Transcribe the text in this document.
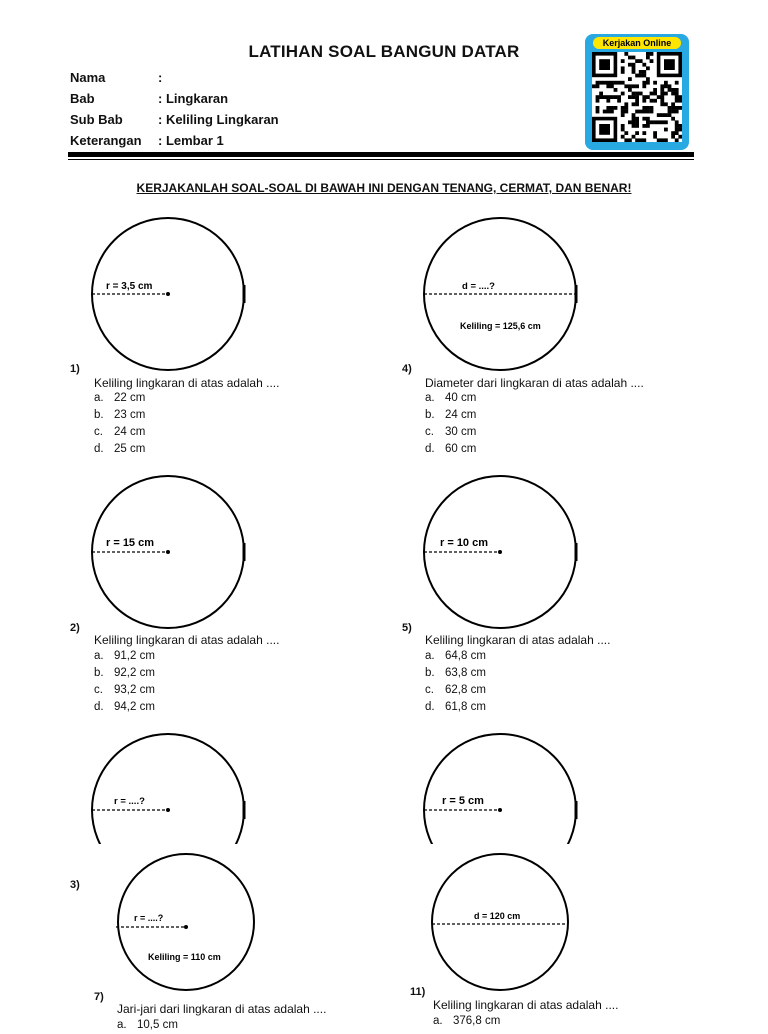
LATIHAN SOAL BANGUN DATAR
Nama	:
Bab	: Lingkaran
Sub Bab	: Keliling Lingkaran
Keterangan : Lembar 1
Kerjakan Online
KERJAKANLAH SOAL-SOAL DI BAWAH INI DENGAN TENANG, CERMAT, DAN BENAR!
r = 3,5 cm
1)
Keliling lingkaran di atas adalah ....
a. 22 cm
b. 23 cm
c. 24 cm
d. 25 cm
d = ....?
Keliling = 125,6 cm
4)
Diameter dari lingkaran di atas adalah ....
a. 40 cm
b. 24 cm
c. 30 cm
d. 60 cm
r = 15 cm
2)
Keliling lingkaran di atas adalah ....
a. 91,2 cm
b. 92,2 cm
c. 93,2 cm
d. 94,2 cm
r = 10 cm
5)
Keliling lingkaran di atas adalah ....
a. 64,8 cm
b. 63,8 cm
c. 62,8 cm
d. 61,8 cm
r = ....?
3)
r = 5 cm
r = ....?
Keliling = 110 cm
7)
Jari-jari dari lingkaran di atas adalah ....
a. 10,5 cm
d = 120 cm
11)
Keliling lingkaran di atas adalah ....
a. 376,8 cm
